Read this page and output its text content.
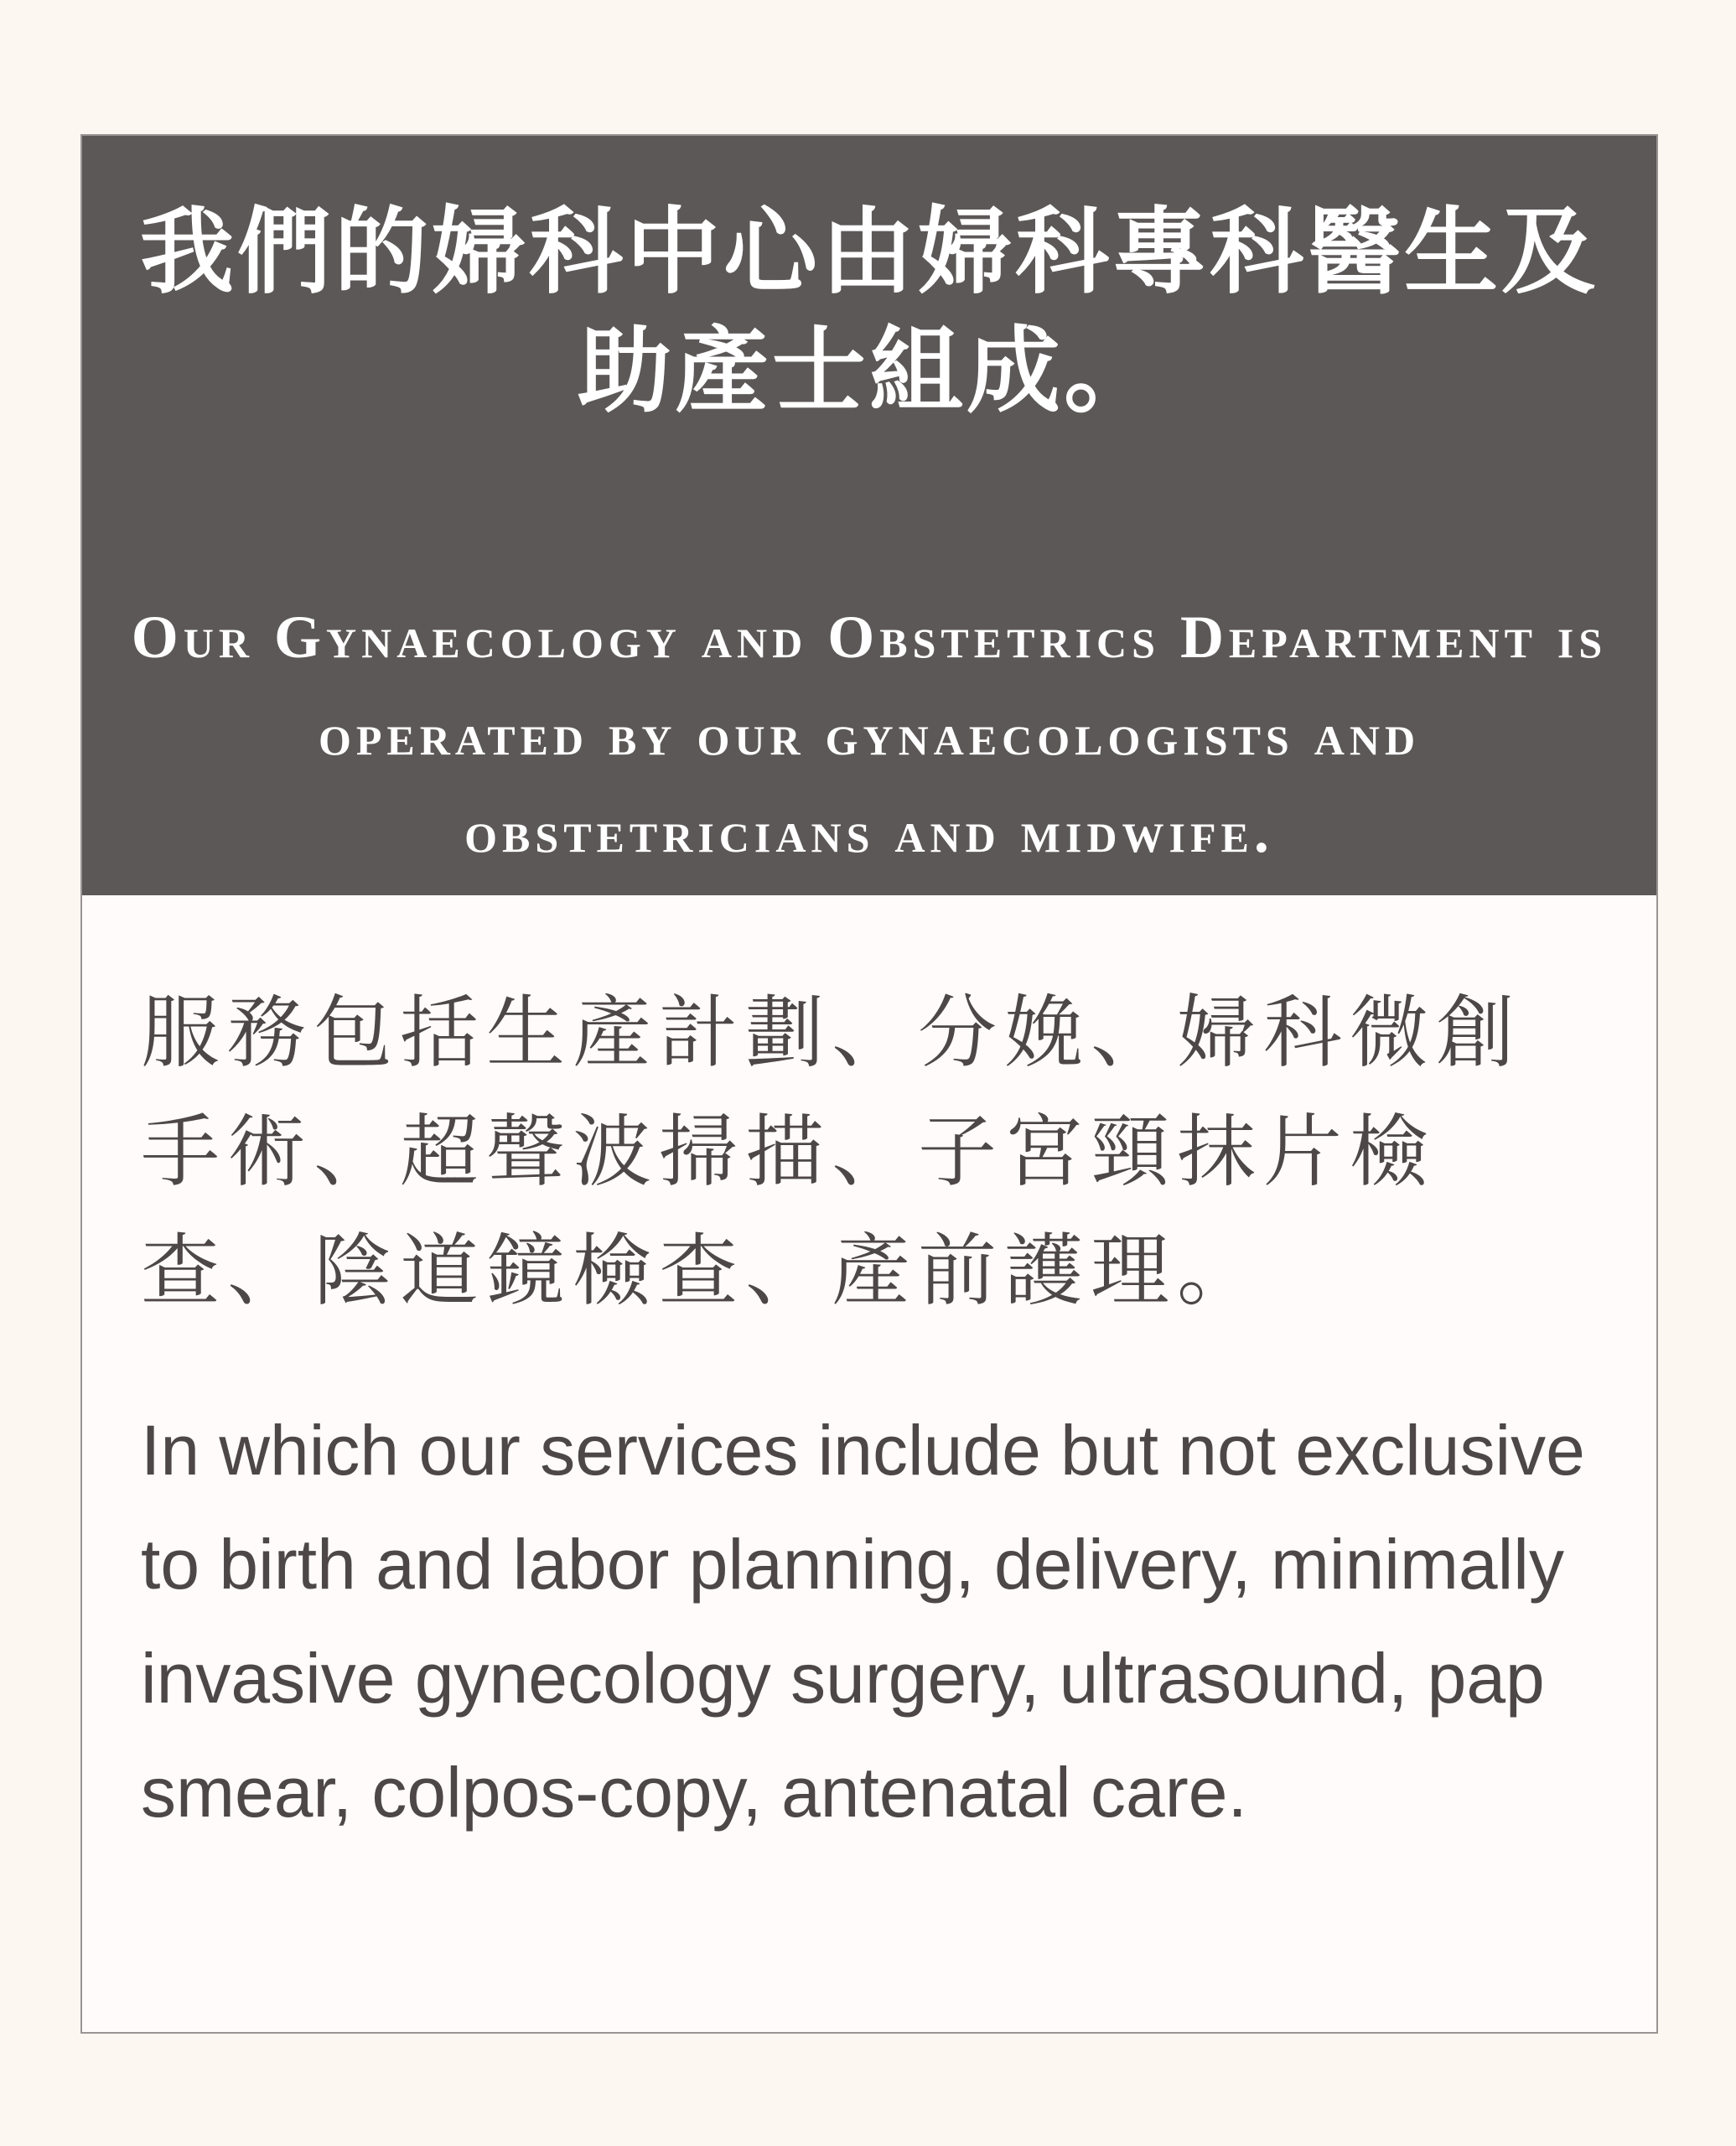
我們的婦科中心由婦科專科醫生及助產士組成。

Our Gynaecology and Obstetrics Department is operated by our gynaecologists and obstetricians and midwife.

服務包括生產計劃、分娩、婦科微創手術、超聲波掃描、子宮頸抹片檢查、陰道鏡檢查、產前護理。

In which our services include but not exclusive to birth and labor planning, delivery, minimally invasive gynecology surgery, ultrasound, pap smear, colpos-copy, antenatal care.
